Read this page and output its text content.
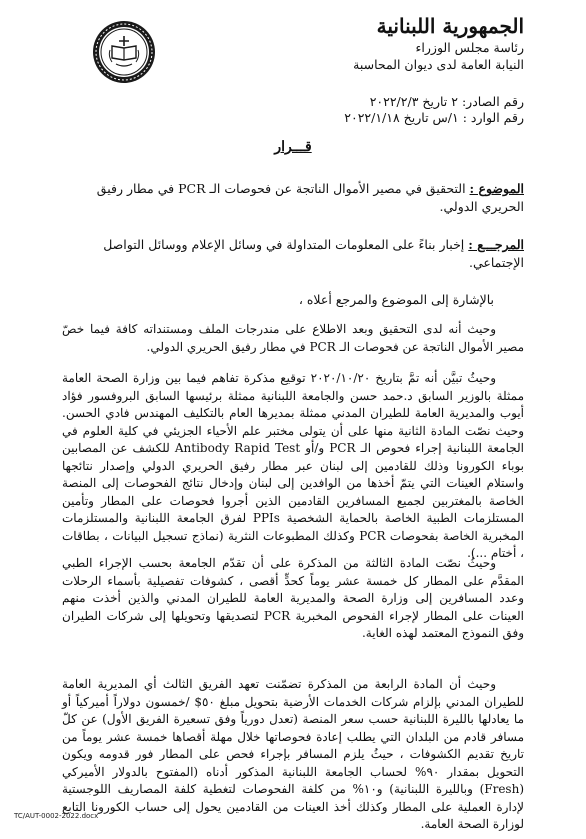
الجمهورية اللبنانية
رئاسة مجلس الوزراء
النيابة العامة لدى ديوان المحاسبة
رقم الصادر: ٢ تاريخ ٢٠٢٢/٢/٣
رقم الوارد : ١/س تاريخ ٢٠٢٢/١/١٨
قـــرار
الموضوع : التحقيق في مصير الأموال الناتجة عن فحوصات الـ PCR في مطار رفيق الحريري الدولي.
المرجـــع : إخبار بناءً على المعلومات المتداولة في وسائل الإعلام ووسائل التواصل الإجتماعي.
بالإشارة إلى الموضوع والمرجع أعلاه ،
وحيث أنه لدى التحقيق وبعد الاطلاع على مندرجات الملف ومستنداته كافة فيما خصّ مصير الأموال الناتجة عن فحوصات الـ PCR في مطار رفيق الحريري الدولي.
وحيثُ تبيَّن أنه تمَّ بتاريخ ٢٠٢٠/١٠/٢٠ توقيع مذكرة تفاهم فيما بين وزارة الصحة العامة ممثلة بالوزير السابق د.حمد حسن والجامعة اللبنانية ممثلة برئيسها السابق البروفسور فؤاد أيوب والمديرية العامة للطيران المدني ممثلة بمديرها العام بالتكليف المهندس فادي الحسن. وحيث نصّت المادة الثانية منها على أن يتولى مختبر علم الأحياء الجزيئي في كلية العلوم في الجامعة اللبنانية إجراء فحوص الـ PCR و/أو Antibody Rapid Test للكشف عن المصابين بوباء الكورونا وذلك للقادمين إلى لبنان عبر مطار رفيق الحريري الدولي وإصدار نتائجها واستلام العينات التي يتمّ أخذها من الوافدين إلى لبنان وإدخال نتائج الفحوصات إلى المنصة الخاصة بالمغتربين لجميع المسافرين القادمين الذين أجروا فحوصات على المطار وتأمين المستلزمات الطبية الخاصة بالحماية الشخصية PPIs لفرق الجامعة اللبنانية والمستلزمات المخبرية الخاصة بفحوصات PCR وكذلك المطبوعات النثرية (نماذج تسجيل البيانات ، بطاقات ، أختام ...).
وحيثُ نصّت المادة الثالثة من المذكرة على أن تقدّم الجامعة بحسب الإجراء الطبي المقدَّم على المطار كل خمسة عشر يوماً كحدٍّ أقصى ، كشوفات تفصيلية بأسماء الرحلات وعدد المسافرين إلى وزارة الصحة والمديرية العامة للطيران المدني والذين أخذت منهم العينات على المطار لإجراء الفحوص المخبرية PCR لتصديقها وتحويلها إلى شركات الطيران وفق النموذج المعتمد لهذه الغاية.
وحيث أن المادة الرابعة من المذكرة تضمّنت تعهد الفريق الثالث أي المديرية العامة للطيران المدني بإلزام شركات الخدمات الأرضية بتحويل مبلغ ٥٠$ /خمسون دولاراً أميركياً أو ما يعادلها بالليرة اللبنانية حسب سعر المنصة (تعدل دورياً وفق تسعيرة الفريق الأول) عن كلّ مسافر قادم من البلدان التي يطلب إعادة فحوصاتها خلال مهلة أقصاها خمسة عشر يوماً من تاريخ تقديم الكشوفات ، حيثُ يلزم المسافر بإجراء فحص على المطار فور قدومه ويكون التحويل بمقدار ٩٠% لحساب الجامعة اللبنانية المذكور أدناه (المفتوح بالدولار الأميركي (Fresh) وبالليرة اللبنانية) و١٠% من كلفة الفحوصات لتغطية كلفة المصاريف اللوجستية لإدارة العملية على المطار وكذلك أخذ العينات من القادمين يحول إلى حساب الكورونا التابع لوزارة الصحة العامة.
TC/AUT-0002-2022.docx
